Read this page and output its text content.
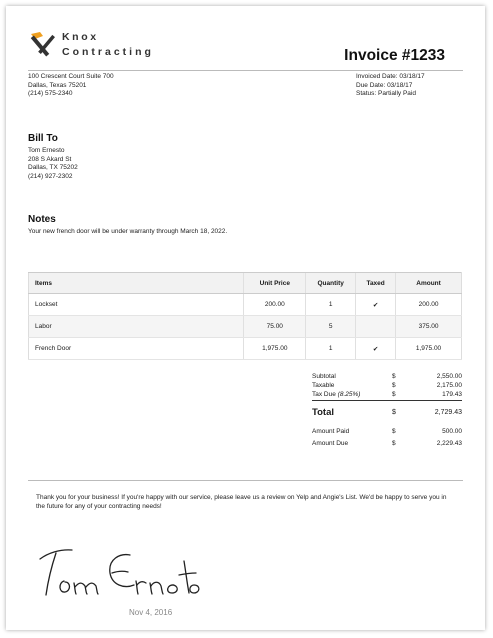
Knox
Contracting	Invoice #1233
100 Crescent Court Suite 700
Dallas, Texas 75201
(214) 575-2340
Invoiced Date: 03/18/17
Due Date: 03/18/17
Status: Partially Paid
Bill To
Tom Ernesto
208 S Akard St
Dallas, TX 75202
(214) 927-2302
Notes
Your new french door will be under warranty through March 18, 2022.
Items	Unit Price	Quantity	Taxed	Amount
Lockset	200.00	1	✔	200.00
Labor	75.00	5		375.00
French Door	1,975.00	1	✔	1,975.00
Subtotal	$	2,550.00
Taxable	$	2,175.00
Tax Due (8.25%)	$	179.43
Total	$	2,729.43
Amount Paid	$	500.00
Amount Due	$	2,229.43
Thank you for your business! If you're happy with our service, please leave us a review on Yelp and Angie's List. We'd be happy to serve you in the future for any of your contracting needs!
Nov 4, 2016
